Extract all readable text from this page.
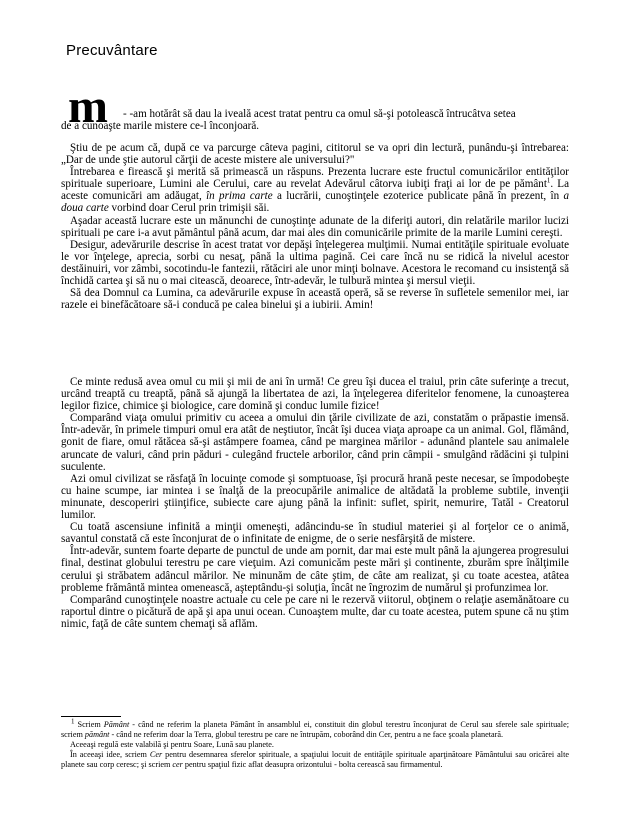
Precuvântare
m - -am hotărât să dau la iveală acest tratat pentru ca omul să-şi potolească întrucâtva setea
de a cunoaşte marile mistere ce-l înconjoară.

Ştiu de pe acum că, după ce va parcurge câteva pagini, cititorul se va opri din lectură, punându-şi întrebarea: „Dar de unde ştie autorul cărţii de aceste mistere ale universului?"

Întrebarea e firească şi merită să primească un răspuns. Prezenta lucrare este fructul comunicărilor entităţilor spirituale superioare, Lumini ale Cerului, care au revelat Adevărul câtorva iubiţi fraţi ai lor de pe pământ$^1$. La aceste comunicări am adăugat, în prima carte a lucrării, cunoştinţele ezoterice publicate până în prezent, în a doua carte vorbind doar Cerul prin trimişii săi.

Aşadar această lucrare este un mănunchi de cunoştinţe adunate de la diferiţi autori, din relatările marilor lucizi spirituali pe care i-a avut pământul până acum, dar mai ales din comunicările primite de la marile Lumini cereşti.

Desigur, adevărurile descrise în acest tratat vor depăşi înţelegerea mulţimii. Numai entităţile spirituale evoluate le vor înţelege, aprecia, sorbi cu nesaţ, până la ultima pagină. Cei care încă nu se ridică la nivelul acestor destăinuiri, vor zâmbi, socotindu-le fantezii, rătăciri ale unor minţi bolnave. Acestora le recomand cu insistenţă să închidă cartea şi să nu o mai citească, deoarece, într-adevăr, le tulbură mintea şi mersul vieţii.

Să dea Domnul ca Lumina, ca adevărurile expuse în această operă, să se reverse în sufletele semenilor mei, iar razele ei binefăcătoare să-i conducă pe calea binelui şi a iubirii. Amin!

Ce minte redusă avea omul cu mii şi mii de ani în urmă! Ce greu îşi ducea el traiul, prin câte suferinţe a trecut, urcând treaptă cu treaptă, până să ajungă la libertatea de azi, la înţelegerea diferitelor fenomene, la cunoaşterea legilor fizice, chimice şi biologice, care domină şi conduc lumile fizice!

Comparând viaţa omului primitiv cu aceea a omului din ţările civilizate de azi, constatăm o prăpastie imensă. Într-adevăr, în primele timpuri omul era atât de neştiutor, încât îşi ducea viaţa aproape ca un animal. Gol, flămând, gonit de fiare, omul rătăcea să-şi astâmpere foamea, când pe marginea mărilor - adunând plantele sau animalele aruncate de valuri, când prin păduri - culegând fructele arborilor, când prin câmpii - smulgând rădăcini şi tulpini suculente.

Azi omul civilizat se răsfaţă în locuinţe comode şi somptuoase, îşi procură hrană peste necesar, se împodobeşte cu haine scumpe, iar mintea i se înalţă de la preocupările animalice de altădată la probleme subtile, invenţii minunate, descoperiri ştiinţifice, subiecte care ajung până la infinit: suflet, spirit, nemurire, Tatăl - Creatorul lumilor.

Cu toată ascensiune infinită a minţii omeneşti, adâncindu-se în studiul materiei şi al forţelor ce o animă, savantul constată că este înconjurat de o infinitate de enigme, de o serie nesfârşită de mistere.

Într-adevăr, suntem foarte departe de punctul de unde am pornit, dar mai este mult până la ajungerea progresului final, destinat globului terestru pe care vieţuim. Azi comunicăm peste mări şi continente, zburăm spre înălţimile cerului şi străbatem adâncul mărilor. Ne minunăm de câte ştim, de câte am realizat, şi cu toate acestea, atâtea probleme frământă mintea omenească, aşteptându-şi soluţia, încât ne îngrozim de numărul şi profunzimea lor.

Comparând cunoştinţele noastre actuale cu cele pe care ni le rezervă viitorul, obţinem o relaţie asemănătoare cu raportul dintre o picătură de apă şi apa unui ocean. Cunoaştem multe, dar cu toate acestea, putem spune că nu ştim nimic, faţă de câte suntem chemaţi să aflăm.

$^1$ Scriem Pământ - când ne referim la planeta Pământ în ansamblul ei, constituit din globul terestru înconjurat de Cerul sau sferele sale spirituale; scriem pământ - când ne referim doar la Terra, globul terestru pe care ne întrupăm, coborând din Cer, pentru a ne face şcoala planetară.

Aceeaşi regulă este valabilă şi pentru Soare, Lună sau planete.

În aceeaşi idee, scriem Cer pentru desemnarea sferelor spirituale, a spaţiului locuit de entităţile spirituale aparţinătoare Pământului sau oricărei alte planete sau corp ceresc; şi scriem cer pentru spaţiul fizic aflat deasupra orizontului - bolta cerească sau firmamentul.
